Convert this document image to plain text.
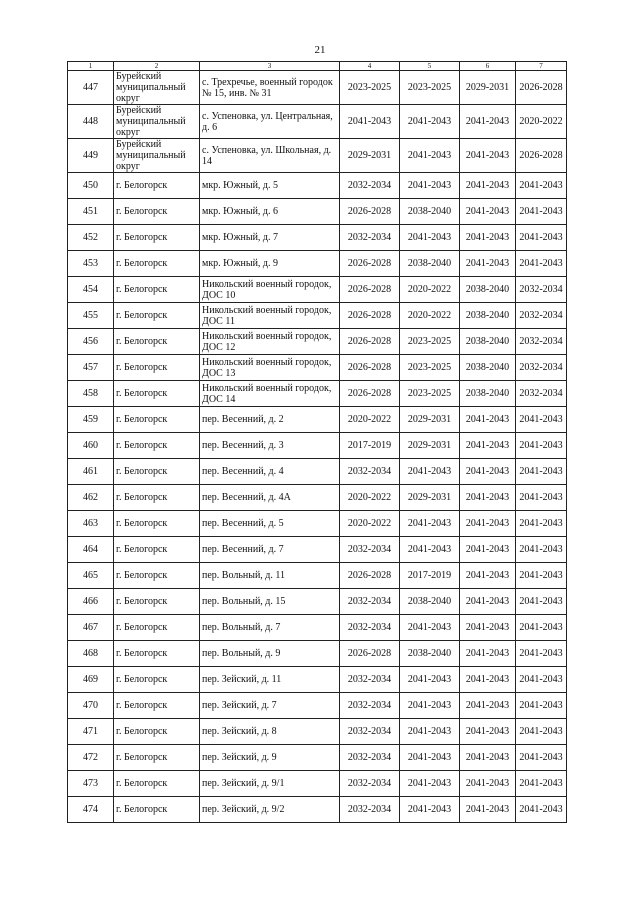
21
1	2	3	4	5	6	7
447	Бурейский муниципальный округ	с. Трехречье, военный городок № 15, инв. № 31	2023-2025	2023-2025	2029-2031	2026-2028
448	Бурейский муниципальный округ	с. Успеновка, ул. Центральная, д. 6	2041-2043	2041-2043	2041-2043	2020-2022
449	Бурейский муниципальный округ	с. Успеновка, ул. Школьная, д. 14	2029-2031	2041-2043	2041-2043	2026-2028
450	г. Белогорск	мкр. Южный, д. 5	2032-2034	2041-2043	2041-2043	2041-2043
451	г. Белогорск	мкр. Южный, д. 6	2026-2028	2038-2040	2041-2043	2041-2043
452	г. Белогорск	мкр. Южный, д. 7	2032-2034	2041-2043	2041-2043	2041-2043
453	г. Белогорск	мкр. Южный, д. 9	2026-2028	2038-2040	2041-2043	2041-2043
454	г. Белогорск	Никольский военный городок, ДОС 10	2026-2028	2020-2022	2038-2040	2032-2034
455	г. Белогорск	Никольский военный городок, ДОС 11	2026-2028	2020-2022	2038-2040	2032-2034
456	г. Белогорск	Никольский военный городок, ДОС 12	2026-2028	2023-2025	2038-2040	2032-2034
457	г. Белогорск	Никольский военный городок, ДОС 13	2026-2028	2023-2025	2038-2040	2032-2034
458	г. Белогорск	Никольский военный городок, ДОС 14	2026-2028	2023-2025	2038-2040	2032-2034
459	г. Белогорск	пер. Весенний, д. 2	2020-2022	2029-2031	2041-2043	2041-2043
460	г. Белогорск	пер. Весенний, д. 3	2017-2019	2029-2031	2041-2043	2041-2043
461	г. Белогорск	пер. Весенний, д. 4	2032-2034	2041-2043	2041-2043	2041-2043
462	г. Белогорск	пер. Весенний, д. 4А	2020-2022	2029-2031	2041-2043	2041-2043
463	г. Белогорск	пер. Весенний, д. 5	2020-2022	2041-2043	2041-2043	2041-2043
464	г. Белогорск	пер. Весенний, д. 7	2032-2034	2041-2043	2041-2043	2041-2043
465	г. Белогорск	пер. Вольный, д. 11	2026-2028	2017-2019	2041-2043	2041-2043
466	г. Белогорск	пер. Вольный, д. 15	2032-2034	2038-2040	2041-2043	2041-2043
467	г. Белогорск	пер. Вольный, д. 7	2032-2034	2041-2043	2041-2043	2041-2043
468	г. Белогорск	пер. Вольный, д. 9	2026-2028	2038-2040	2041-2043	2041-2043
469	г. Белогорск	пер. Зейский, д. 11	2032-2034	2041-2043	2041-2043	2041-2043
470	г. Белогорск	пер. Зейский, д. 7	2032-2034	2041-2043	2041-2043	2041-2043
471	г. Белогорск	пер. Зейский, д. 8	2032-2034	2041-2043	2041-2043	2041-2043
472	г. Белогорск	пер. Зейский, д. 9	2032-2034	2041-2043	2041-2043	2041-2043
473	г. Белогорск	пер. Зейский, д. 9/1	2032-2034	2041-2043	2041-2043	2041-2043
474	г. Белогорск	пер. Зейский, д. 9/2	2032-2034	2041-2043	2041-2043	2041-2043
